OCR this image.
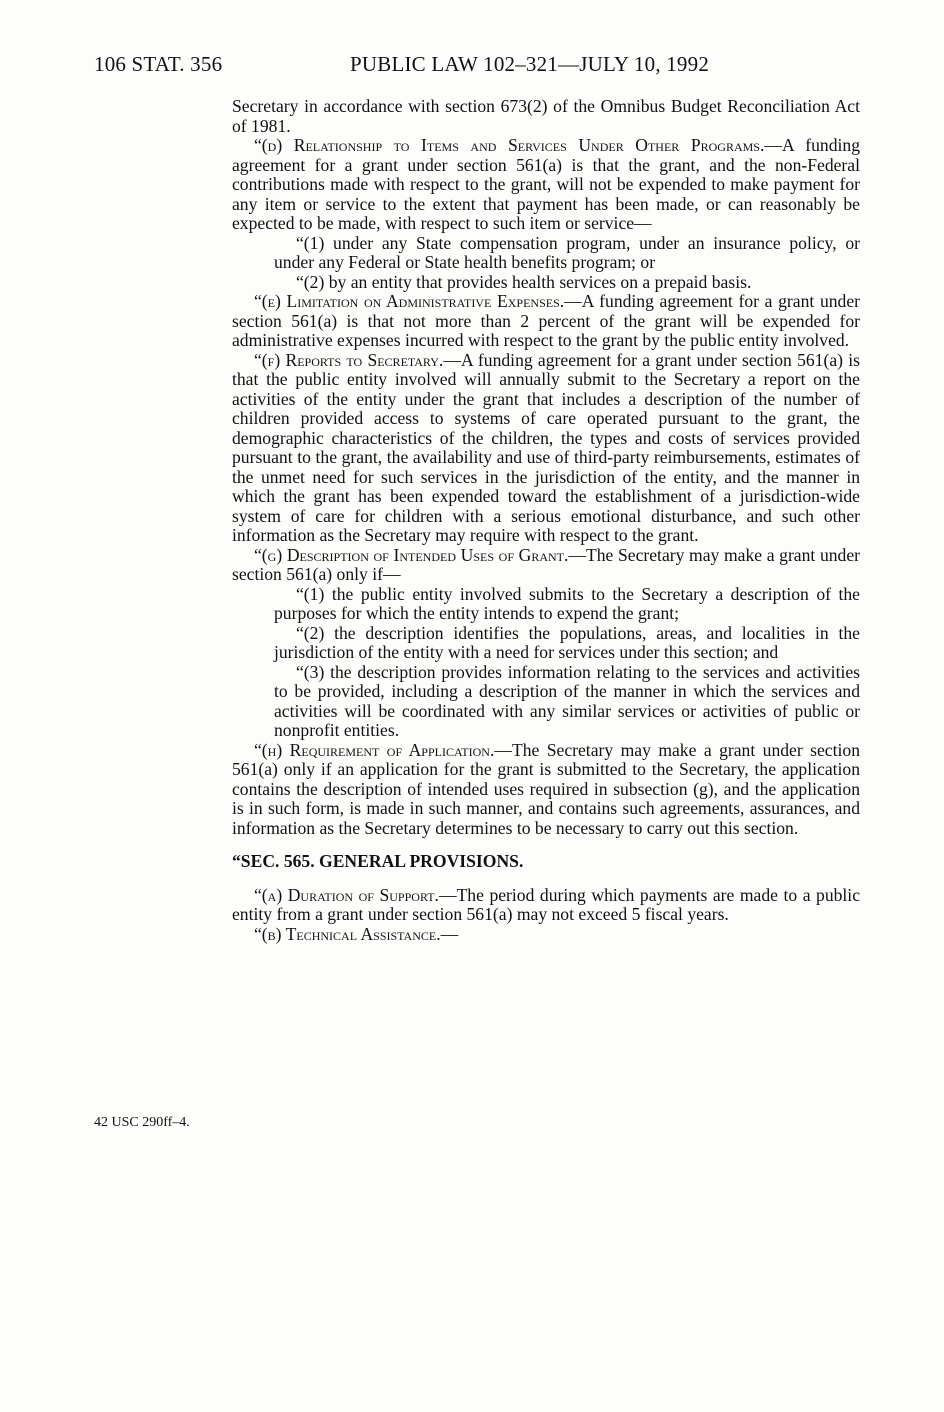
106 STAT. 356	PUBLIC LAW 102–321—JULY 10, 1992
42 USC 290ff–4.

Secretary in accordance with section 673(2) of the Omnibus Budget Reconciliation Act of 1981.

“(d) Relationship to Items and Services Under Other Programs.—A funding agreement for a grant under section 561(a) is that the grant, and the non-Federal contributions made with respect to the grant, will not be expended to make payment for any item or service to the extent that payment has been made, or can reasonably be expected to be made, with respect to such item or service—

“(1) under any State compensation program, under an insurance policy, or under any Federal or State health benefits program; or

“(2) by an entity that provides health services on a prepaid basis.

“(e) Limitation on Administrative Expenses.—A funding agreement for a grant under section 561(a) is that not more than 2 percent of the grant will be expended for administrative expenses incurred with respect to the grant by the public entity involved.

“(f) Reports to Secretary.—A funding agreement for a grant under section 561(a) is that the public entity involved will annually submit to the Secretary a report on the activities of the entity under the grant that includes a description of the number of children provided access to systems of care operated pursuant to the grant, the demographic characteristics of the children, the types and costs of services provided pursuant to the grant, the availability and use of third-party reimbursements, estimates of the unmet need for such services in the jurisdiction of the entity, and the manner in which the grant has been expended toward the establishment of a jurisdiction-wide system of care for children with a serious emotional disturbance, and such other information as the Secretary may require with respect to the grant.

“(g) Description of Intended Uses of Grant.—The Secretary may make a grant under section 561(a) only if—

“(1) the public entity involved submits to the Secretary a description of the purposes for which the entity intends to expend the grant;

“(2) the description identifies the populations, areas, and localities in the jurisdiction of the entity with a need for services under this section; and

“(3) the description provides information relating to the services and activities to be provided, including a description of the manner in which the services and activities will be coordinated with any similar services or activities of public or nonprofit entities.

“(h) Requirement of Application.—The Secretary may make a grant under section 561(a) only if an application for the grant is submitted to the Secretary, the application contains the description of intended uses required in subsection (g), and the application is in such form, is made in such manner, and contains such agreements, assurances, and information as the Secretary determines to be necessary to carry out this section.

“SEC. 565. GENERAL PROVISIONS.

“(a) Duration of Support.—The period during which payments are made to a public entity from a grant under section 561(a) may not exceed 5 fiscal years.

“(b) Technical Assistance.—
